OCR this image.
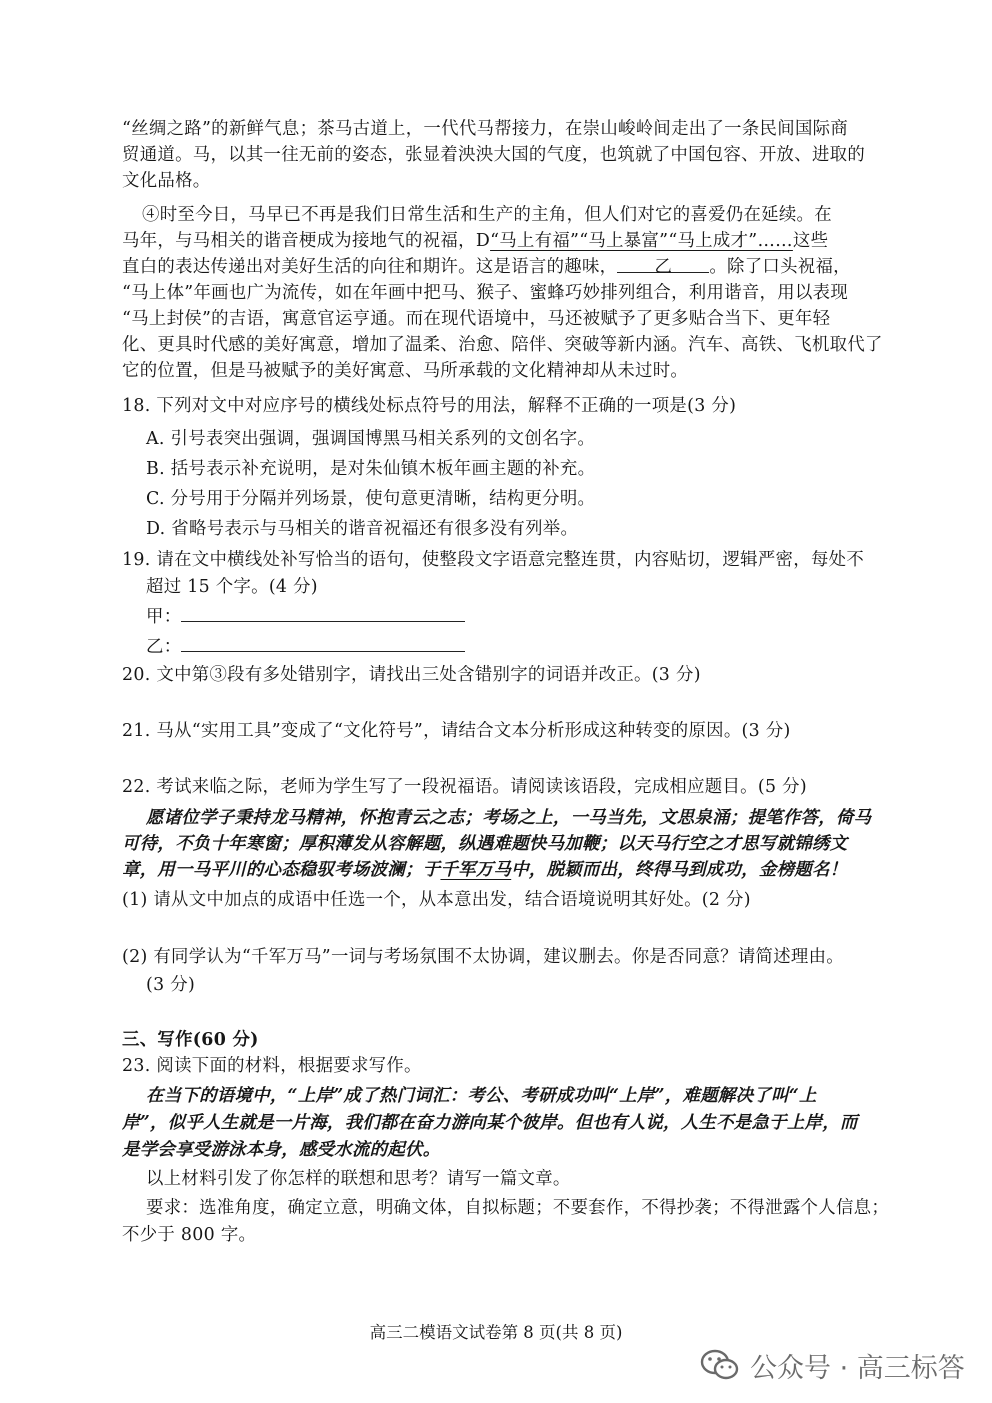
“丝绸之路”的新鲜气息；茶马古道上，一代代马帮接力，在崇山峻岭间走出了一条民间国际商
贸通道。马，以其一往无前的姿态，张显着泱泱大国的气度，也筑就了中国包容、开放、进取的
文化品格。
④时至今日，马早已不再是我们日常生活和生产的主角，但人们对它的喜爱仍在延续。在
马年，与马相关的谐音梗成为接地气的祝福，D“马上有福”“马上暴富”“马上成才”……这些
直白的表达传递出对美好生活的向往和期许。这是语言的趣味， 乙 。除了口头祝福，
“马上体”年画也广为流传，如在年画中把马、猴子、蜜蜂巧妙排列组合，利用谐音，用以表现
“马上封侯”的吉语，寓意官运亨通。而在现代语境中，马还被赋予了更多贴合当下、更年轻
化、更具时代感的美好寓意，增加了温柔、治愈、陪伴、突破等新内涵。汽车、高铁、飞机取代了
它的位置，但是马被赋予的美好寓意、马所承载的文化精神却从未过时。
18. 下列对文中对应序号的横线处标点符号的用法，解释不正确的一项是(3 分)
A. 引号表突出强调，强调国博黑马相关系列的文创名字。
B. 括号表示补充说明，是对朱仙镇木板年画主题的补充。
C. 分号用于分隔并列场景，使句意更清晰，结构更分明。
D. 省略号表示与马相关的谐音祝福还有很多没有列举。
19. 请在文中横线处补写恰当的语句，使整段文字语意完整连贯，内容贴切，逻辑严密，每处不
超过 15 个字。(4 分)
甲：
乙：
20. 文中第③段有多处错别字，请找出三处含错别字的词语并改正。(3 分)
21. 马从“实用工具”变成了“文化符号”，请结合文本分析形成这种转变的原因。(3 分)
22. 考试来临之际，老师为学生写了一段祝福语。请阅读该语段，完成相应题目。(5 分)
愿诸位学子秉持龙马精神，怀抱青云之志；考场之上，一马当先，文思泉涌；提笔作答，倚马
可待，不负十年寒窗；厚积薄发从容解题，纵遇难题快马加鞭；以天马行空之才思写就锦绣文
章，用一马平川的心态稳驭考场波澜；于千军万马中，脱颖而出，终得马到成功，金榜题名！
(1) 请从文中加点的成语中任选一个，从本意出发，结合语境说明其好处。(2 分)
(2) 有同学认为“千军万马”一词与考场氛围不太协调，建议删去。你是否同意？请简述理由。
(3 分)
三、写作(60 分)
23. 阅读下面的材料，根据要求写作。
在当下的语境中，“上岸”成了热门词汇：考公、考研成功叫“上岸”，难题解决了叫“上
岸”，似乎人生就是一片海，我们都在奋力游向某个彼岸。但也有人说，人生不是急于上岸，而
是学会享受游泳本身，感受水流的起伏。
以上材料引发了你怎样的联想和思考？请写一篇文章。
要求：选准角度，确定立意，明确文体，自拟标题；不要套作，不得抄袭；不得泄露个人信息；
不少于 800 字。
高三二模语文试卷第 8 页(共 8 页)
公众号 · 高三标答
